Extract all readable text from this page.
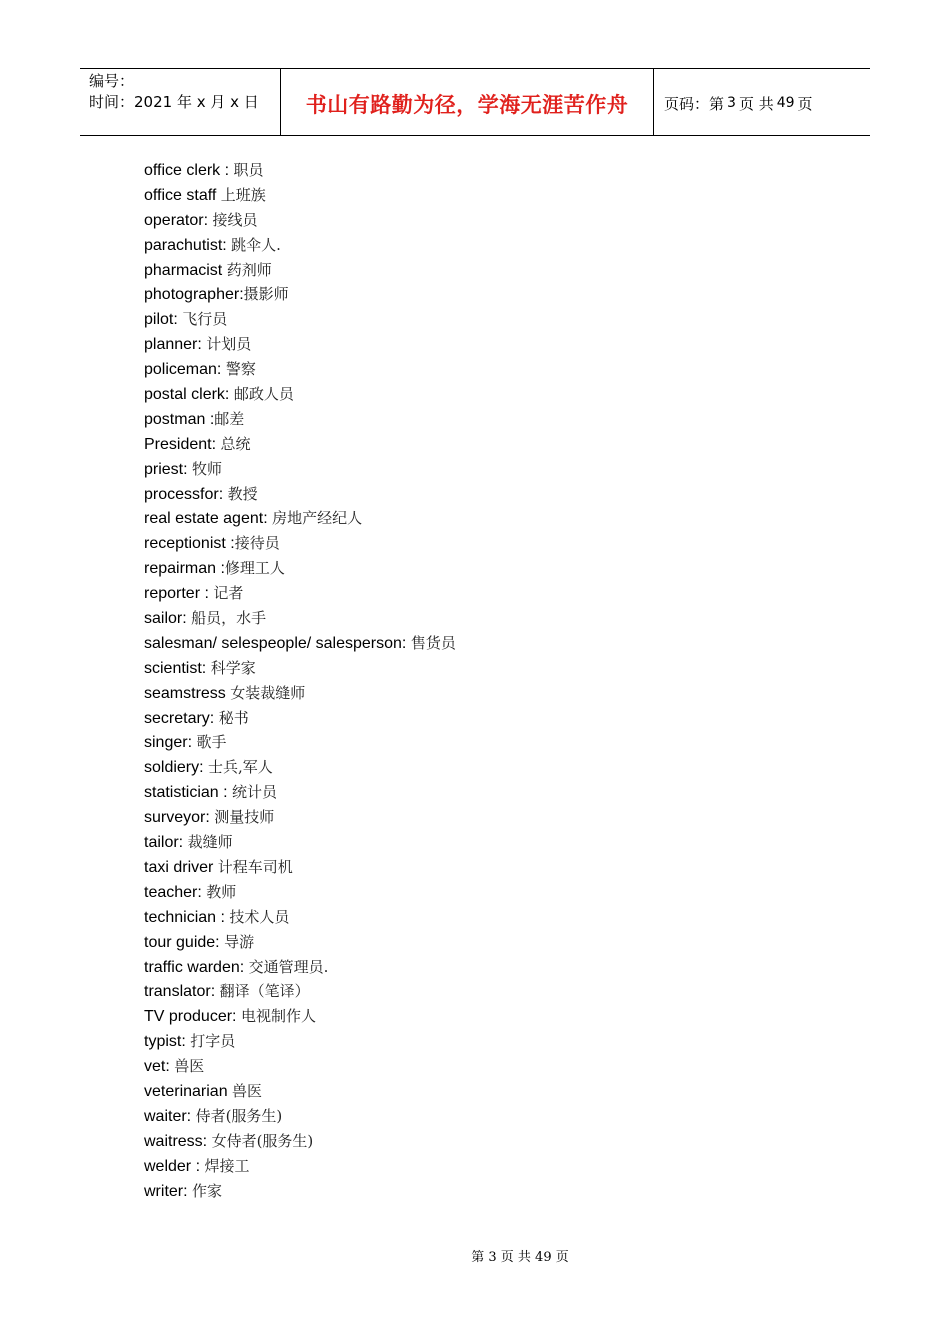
编号：
时间：2021 年 x 月 x 日	书山有路勤为径，学海无涯苦作舟 页码：第 3 页 共 49 页
office clerk : 职员
office staff 上班族
operator: 接线员
parachutist: 跳伞人.
pharmacist 药剂师
photographer:摄影师
pilot: 飞行员
planner: 计划员
policeman: 警察
postal clerk: 邮政人员
postman :邮差
President: 总统
priest: 牧师
processfor: 教授
real estate agent: 房地产经纪人
receptionist :接待员
repairman :修理工人
reporter : 记者
sailor: 船员，水手
salesman/ selespeople/ salesperson: 售货员
scientist: 科学家
seamstress 女装裁缝师
secretary: 秘书
singer: 歌手
soldiery: 士兵,军人
statistician : 统计员
surveyor: 测量技师
tailor: 裁缝师
taxi driver 计程车司机
teacher: 教师
technician : 技术人员
tour guide: 导游
traffic warden: 交通管理员.
translator: 翻译（笔译）
TV producer: 电视制作人
typist: 打字员
vet: 兽医
veterinarian 兽医
waiter: 侍者(服务生)
waitress: 女侍者(服务生)
welder : 焊接工
writer: 作家
第 3 页 共 49 页
